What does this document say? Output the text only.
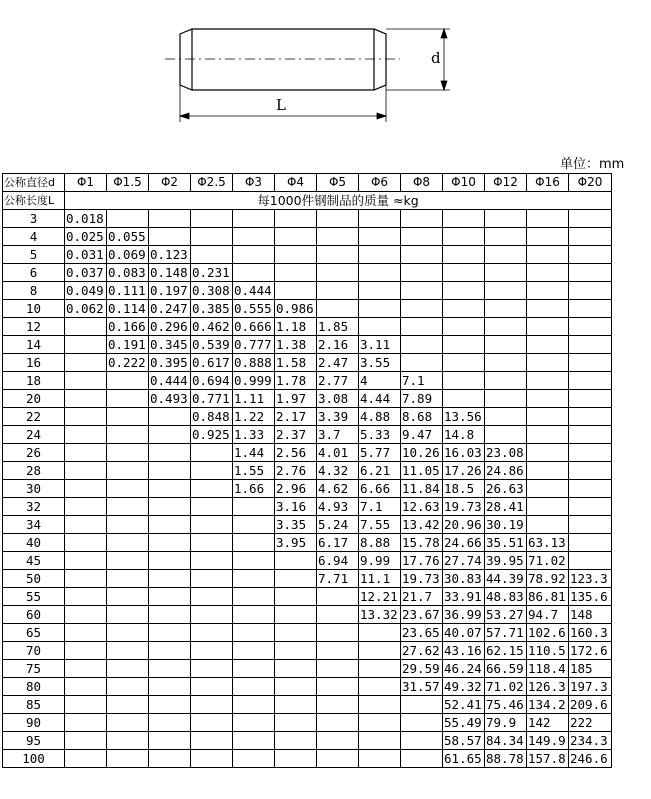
d
L
单位：mm
公称直径d	Φ1	Φ1.5	Φ2	Φ2.5	Φ3	Φ4	Φ5	Φ6	Φ8	Φ10	Φ12	Φ16	Φ20
公称长度L	每1000件钢制品的质量 ≈kg												
3	0.018												
4	0.025	0.055											
5	0.031	0.069	0.123										
6	0.037	0.083	0.148	0.231									
8	0.049	0.111	0.197	0.308	0.444								
10	0.062	0.114	0.247	0.385	0.555	0.986							
12		0.166	0.296	0.462	0.666	1.18	1.85						
14		0.191	0.345	0.539	0.777	1.38	2.16	3.11					
16		0.222	0.395	0.617	0.888	1.58	2.47	3.55					
18			0.444	0.694	0.999	1.78	2.77	4	7.1				
20			0.493	0.771	1.11	1.97	3.08	4.44	7.89				
22				0.848	1.22	2.17	3.39	4.88	8.68	13.56			
24				0.925	1.33	2.37	3.7	5.33	9.47	14.8			
26					1.44	2.56	4.01	5.77	10.26	16.03	23.08		
28					1.55	2.76	4.32	6.21	11.05	17.26	24.86		
30					1.66	2.96	4.62	6.66	11.84	18.5	26.63		
32						3.16	4.93	7.1	12.63	19.73	28.41		
34						3.35	5.24	7.55	13.42	20.96	30.19		
40						3.95	6.17	8.88	15.78	24.66	35.51	63.13	
45							6.94	9.99	17.76	27.74	39.95	71.02	
50							7.71	11.1	19.73	30.83	44.39	78.92	123.3
55								12.21	21.7	33.91	48.83	86.81	135.6
60								13.32	23.67	36.99	53.27	94.7	148
65									23.65	40.07	57.71	102.6	160.3
70									27.62	43.16	62.15	110.5	172.6
75									29.59	46.24	66.59	118.4	185
80									31.57	49.32	71.02	126.3	197.3
85										52.41	75.46	134.2	209.6
90										55.49	79.9	142	222
95										58.57	84.34	149.9	234.3
100										61.65	88.78	157.8	246.6
